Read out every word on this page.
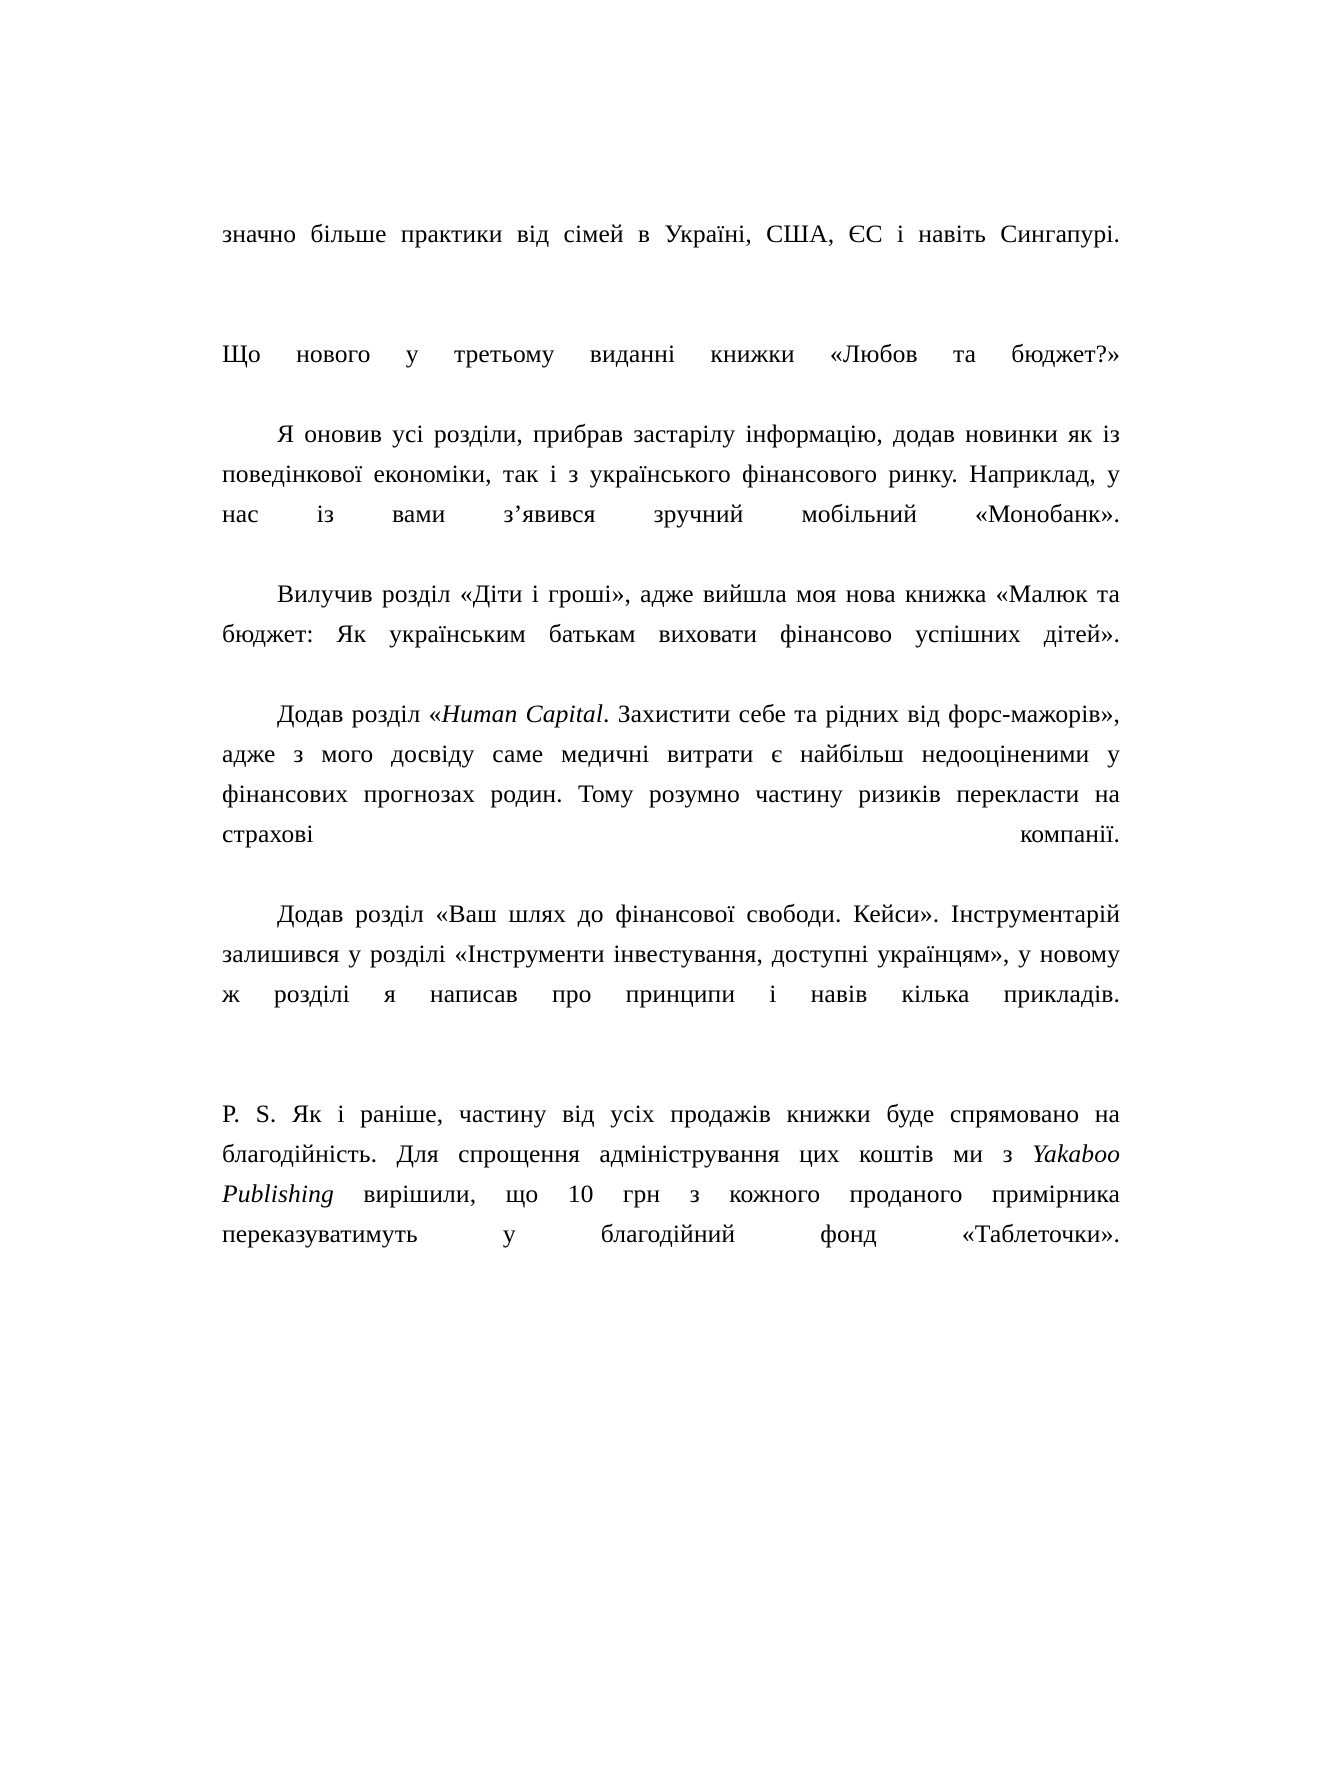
значно більше практики від сімей в Україні, США, ЄС і навіть Сингапурі.

Що нового у третьому виданні книжки «Любов та бюджет?»

Я оновив усі розділи, прибрав застарілу інформацію, додав новинки як із поведінкової економіки, так і з українського фінансового ринку. Наприклад, у нас із вами з’явився зручний мобільний «Монобанк».

Вилучив розділ «Діти і гроші», адже вийшла моя нова книжка «Малюк та бюджет: Як українським батькам виховати фінансово успішних дітей».

Додав розділ «Human Capital. Захистити себе та рідних від форс-мажорів», адже з мого досвіду саме медичні витрати є найбільш недооціненими у фінансових прогнозах родин. Тому розумно частину ризиків перекласти на страхові компанії.

Додав розділ «Ваш шлях до фінансової свободи. Кейси». Інструментарій залишився у розділі «Інструменти інвестування, доступні українцям», у новому ж розділі я написав про принципи і навів кілька прикладів.

P. S. Як і раніше, частину від усіх продажів книжки буде спрямовано на благодійність. Для спрощення адміністрування цих коштів ми з Yakaboo Publishing вирішили, що 10 грн з кожного проданого примірника переказуватимуть у благодійний фонд «Таблеточки».
